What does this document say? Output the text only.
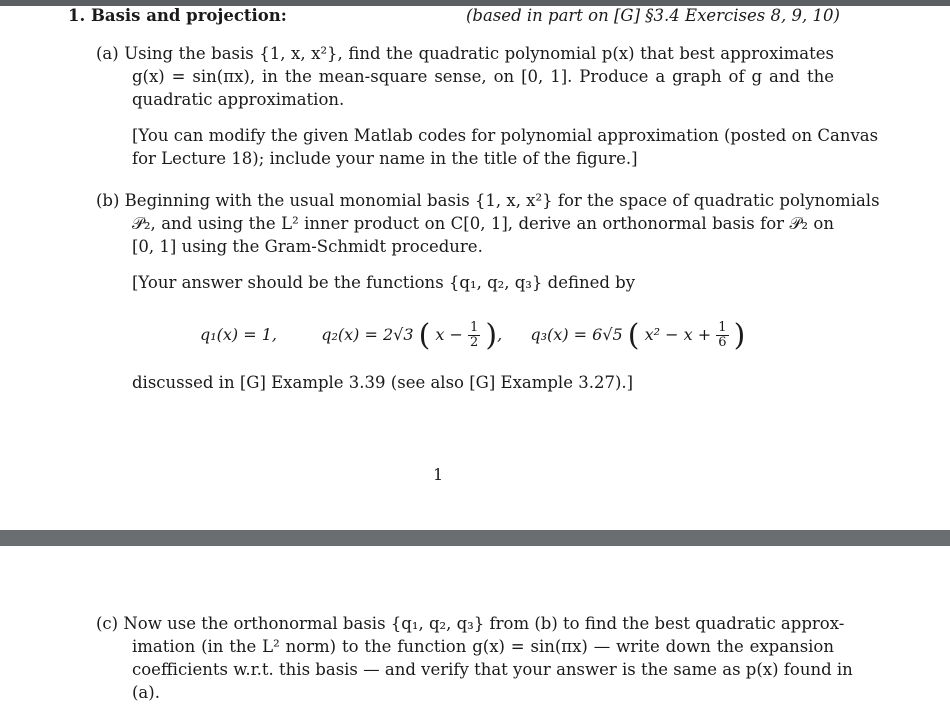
1. Basis and projection:	(based in part on [G] §3.4 Exercises 8, 9, 10)
(a) Using the basis {1, x, x²}, find the quadratic polynomial p(x) that best approximates
g(x) = sin(πx), in the mean-square sense, on [0, 1]. Produce a graph of g and the
quadratic approximation.
[You can modify the given Matlab codes for polynomial approximation (posted on Canvas
for Lecture 18); include your name in the title of the figure.]
(b) Beginning with the usual monomial basis {1, x, x²} for the space of quadratic polynomials
𝒫₂, and using the L² inner product on C[0, 1], derive an orthonormal basis for 𝒫₂ on
[0, 1] using the Gram-Schmidt procedure.
[Your answer should be the functions {q₁, q₂, q₃} defined by
q₁(x) = 1,	q₂(x) = 2√3 ( $x - \frac{1}{2}$ ), q₃(x) = 6√5 ( $x^2 - x + \frac{1}{6}$ )
discussed in [G] Example 3.39 (see also [G] Example 3.27).]
1
(c) Now use the orthonormal basis {q₁, q₂, q₃} from (b) to find the best quadratic approx-
imation (in the L² norm) to the function g(x) = sin(πx) — write down the expansion
coefficients w.r.t. this basis — and verify that your answer is the same as p(x) found in
(a).
